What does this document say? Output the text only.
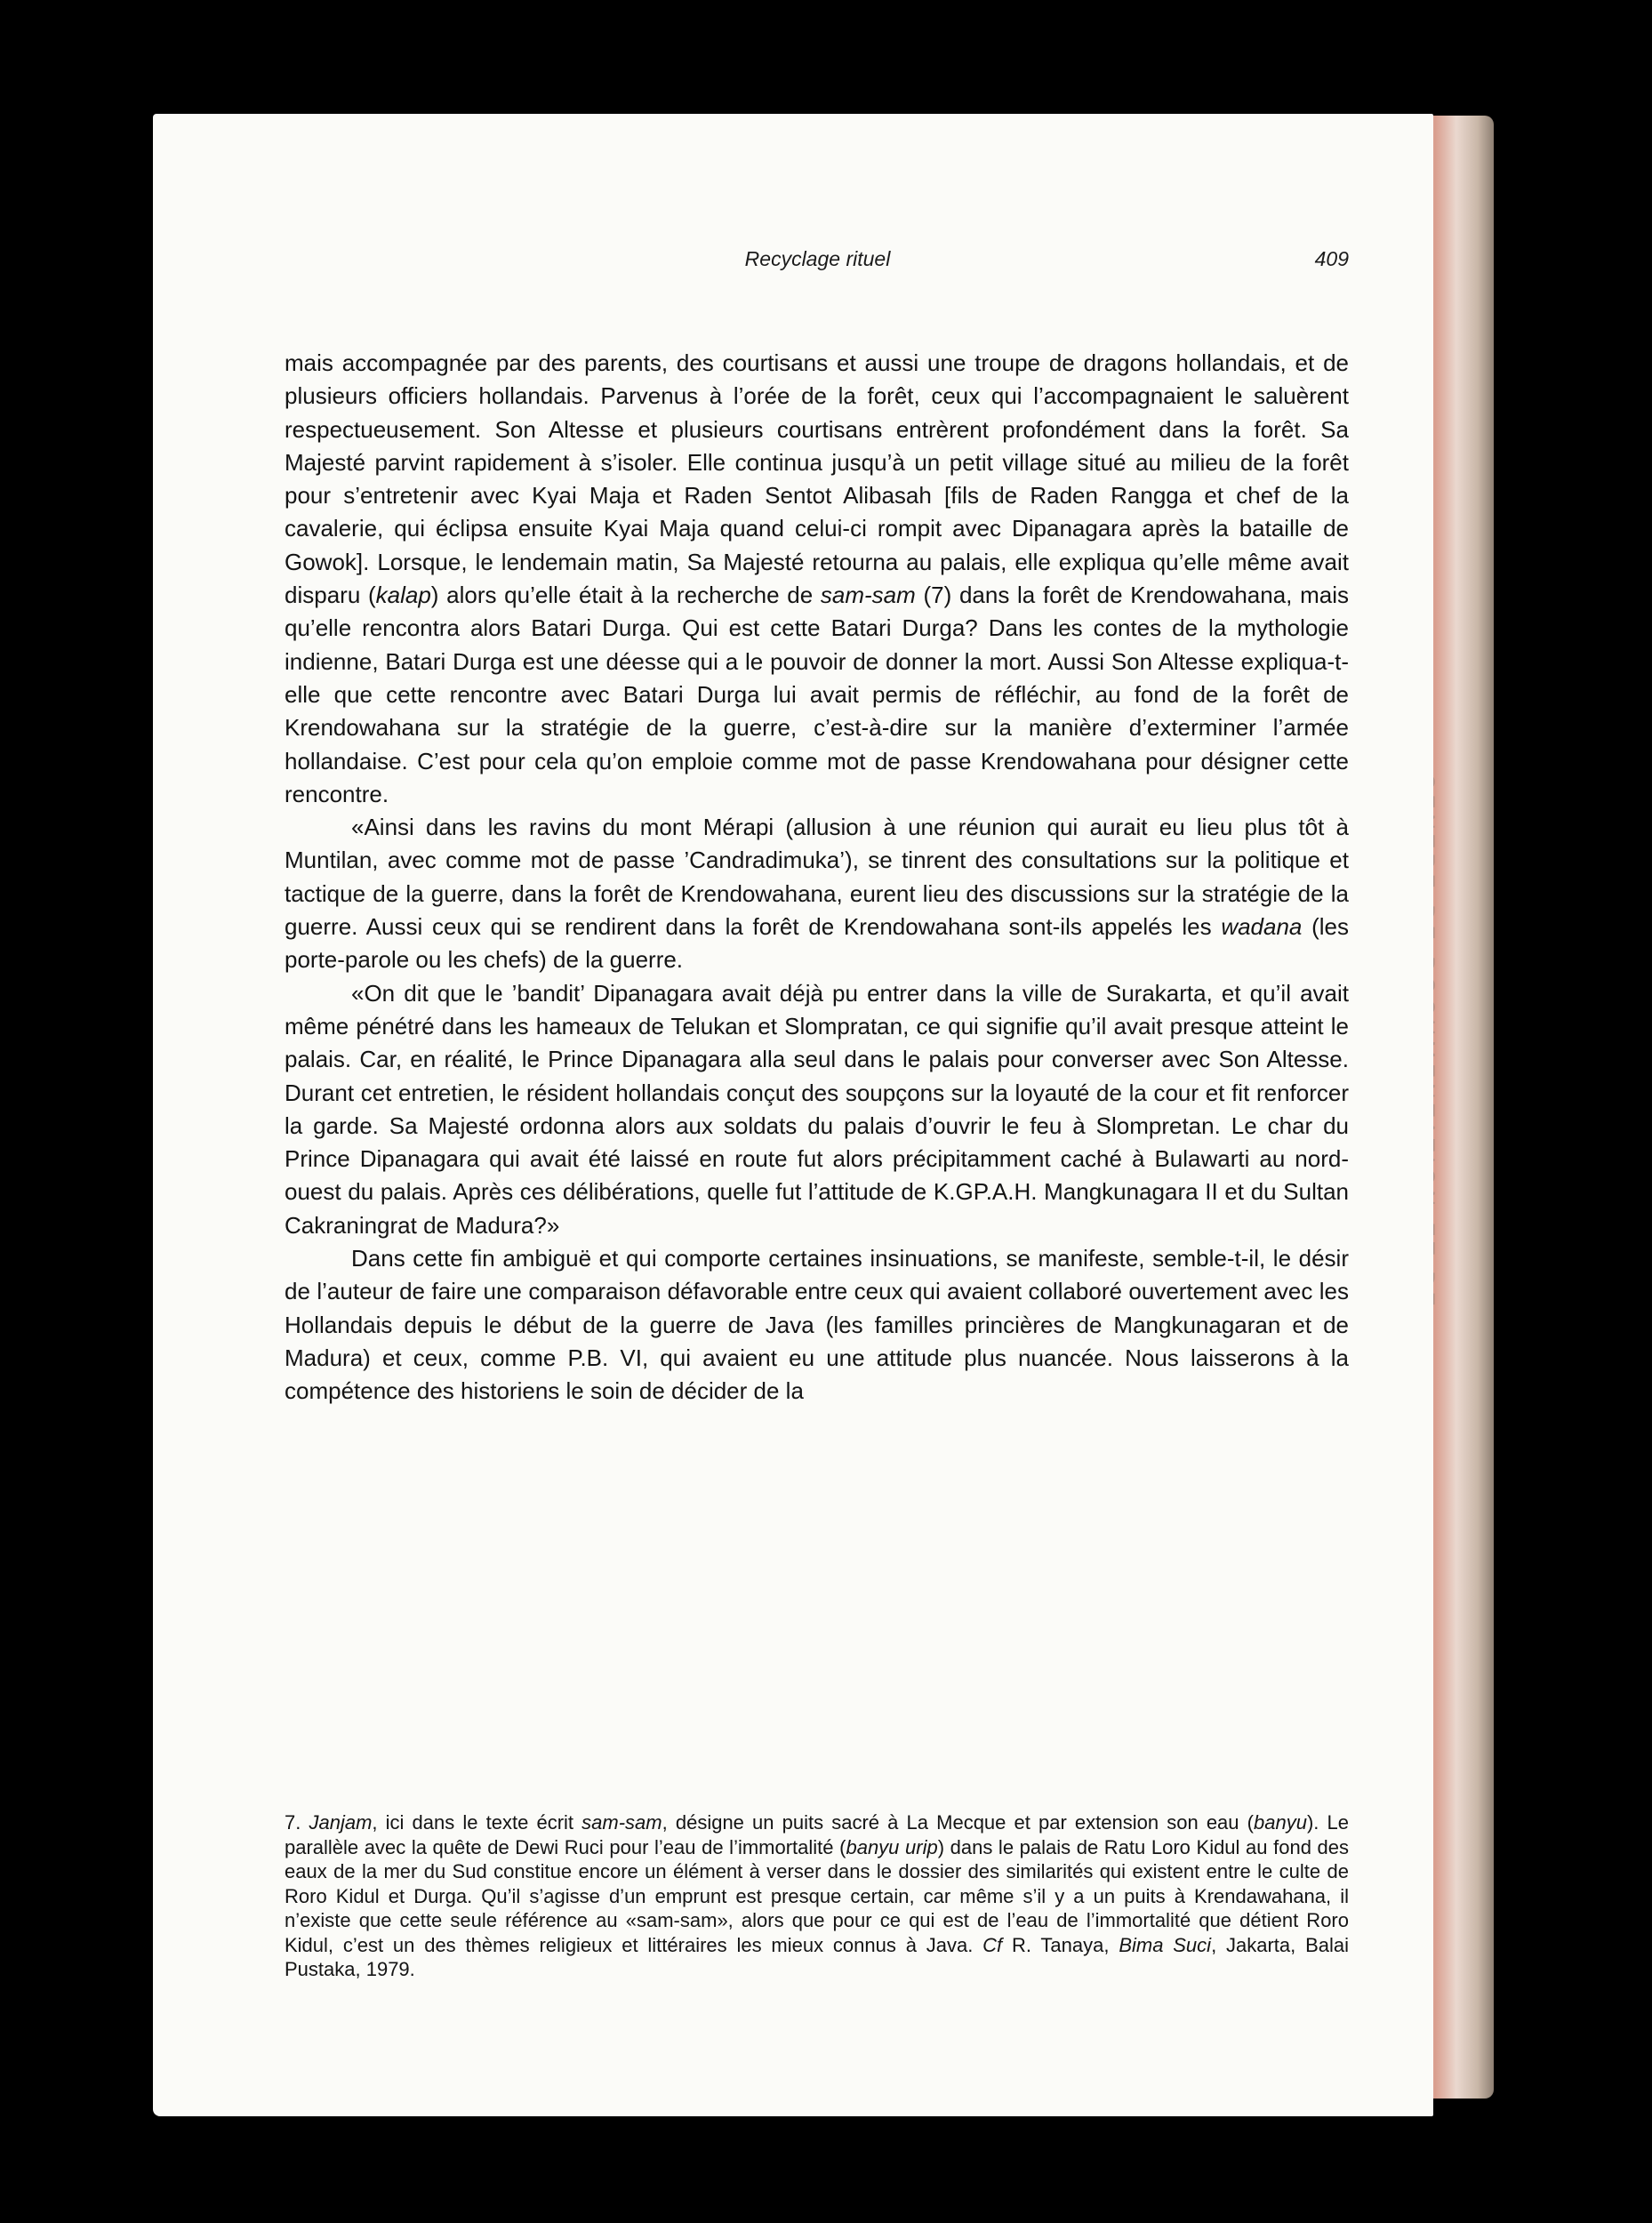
Recyclage rituel	409

mais accompagnée par des parents, des courtisans et aussi une troupe de dragons hollandais, et de plusieurs officiers hollandais. Parvenus à l’orée de la forêt, ceux qui l’accompagnaient le saluèrent respectueusement. Son Altesse et plusieurs courtisans entrèrent profondément dans la forêt. Sa Majesté parvint rapidement à s’isoler. Elle continua jusqu’à un petit village situé au milieu de la forêt pour s’entretenir avec Kyai Maja et Raden Sentot Alibasah [fils de Raden Rangga et chef de la cavalerie, qui éclipsa ensuite Kyai Maja quand celui-ci rompit avec Dipanagara après la bataille de Gowok]. Lorsque, le lendemain matin, Sa Majesté retourna au palais, elle expliqua qu’elle même avait disparu (kalap) alors qu’elle était à la recherche de sam-sam (7) dans la forêt de Krendowahana, mais qu’elle rencontra alors Batari Durga. Qui est cette Batari Durga? Dans les contes de la mythologie indienne, Batari Durga est une déesse qui a le pouvoir de donner la mort. Aussi Son Altesse expliqua-t-elle que cette rencontre avec Batari Durga lui avait permis de réfléchir, au fond de la forêt de Krendowahana sur la stratégie de la guerre, c’est-à-dire sur la manière d’exterminer l’armée hollandaise. C’est pour cela qu’on emploie comme mot de passe Krendowahana pour désigner cette rencontre.

«Ainsi dans les ravins du mont Mérapi (allusion à une réunion qui aurait eu lieu plus tôt à Muntilan, avec comme mot de passe ’Candradimuka’), se tinrent des consultations sur la politique et tactique de la guerre, dans la forêt de Krendowahana, eurent lieu des discussions sur la stratégie de la guerre. Aussi ceux qui se rendirent dans la forêt de Krendowahana sont-ils appelés les wadana (les porte-parole ou les chefs) de la guerre.

«On dit que le ’bandit’ Dipanagara avait déjà pu entrer dans la ville de Surakarta, et qu’il avait même pénétré dans les hameaux de Telukan et Slompratan, ce qui signifie qu’il avait presque atteint le palais. Car, en réalité, le Prince Dipanagara alla seul dans le palais pour converser avec Son Altesse. Durant cet entretien, le résident hollandais conçut des soupçons sur la loyauté de la cour et fit renforcer la garde. Sa Majesté ordonna alors aux soldats du palais d’ouvrir le feu à Slompretan. Le char du Prince Dipanagara qui avait été laissé en route fut alors précipitamment caché à Bulawarti au nord-ouest du palais. Après ces délibérations, quelle fut l’attitude de K.GP.A.H. Mangkunagara II et du Sultan Cakraningrat de Madura?»

Dans cette fin ambiguë et qui comporte certaines insinuations, se manifeste, semble-t-il, le désir de l’auteur de faire une comparaison défavorable entre ceux qui avaient collaboré ouvertement avec les Hollandais depuis le début de la guerre de Java (les familles princières de Mangkunagaran et de Madura) et ceux, comme P.B. VI, qui avaient eu une attitude plus nuancée. Nous laisserons à la compétence des historiens le soin de décider de la

7. Janjam, ici dans le texte écrit sam-sam, désigne un puits sacré à La Mecque et par extension son eau (banyu). Le parallèle avec la quête de Dewi Ruci pour l’eau de l’immortalité (banyu urip) dans le palais de Ratu Loro Kidul au fond des eaux de la mer du Sud constitue encore un élément à verser dans le dossier des similarités qui existent entre le culte de Roro Kidul et Durga. Qu’il s’agisse d’un emprunt est presque certain, car même s’il y a un puits à Krendawahana, il n’existe que cette seule référence au «sam-sam», alors que pour ce qui est de l’eau de l’immortalité que détient Roro Kidul, c’est un des thèmes religieux et littéraires les mieux connus à Java. Cf R. Tanaya, Bima Suci, Jakarta, Balai Pustaka, 1979.
